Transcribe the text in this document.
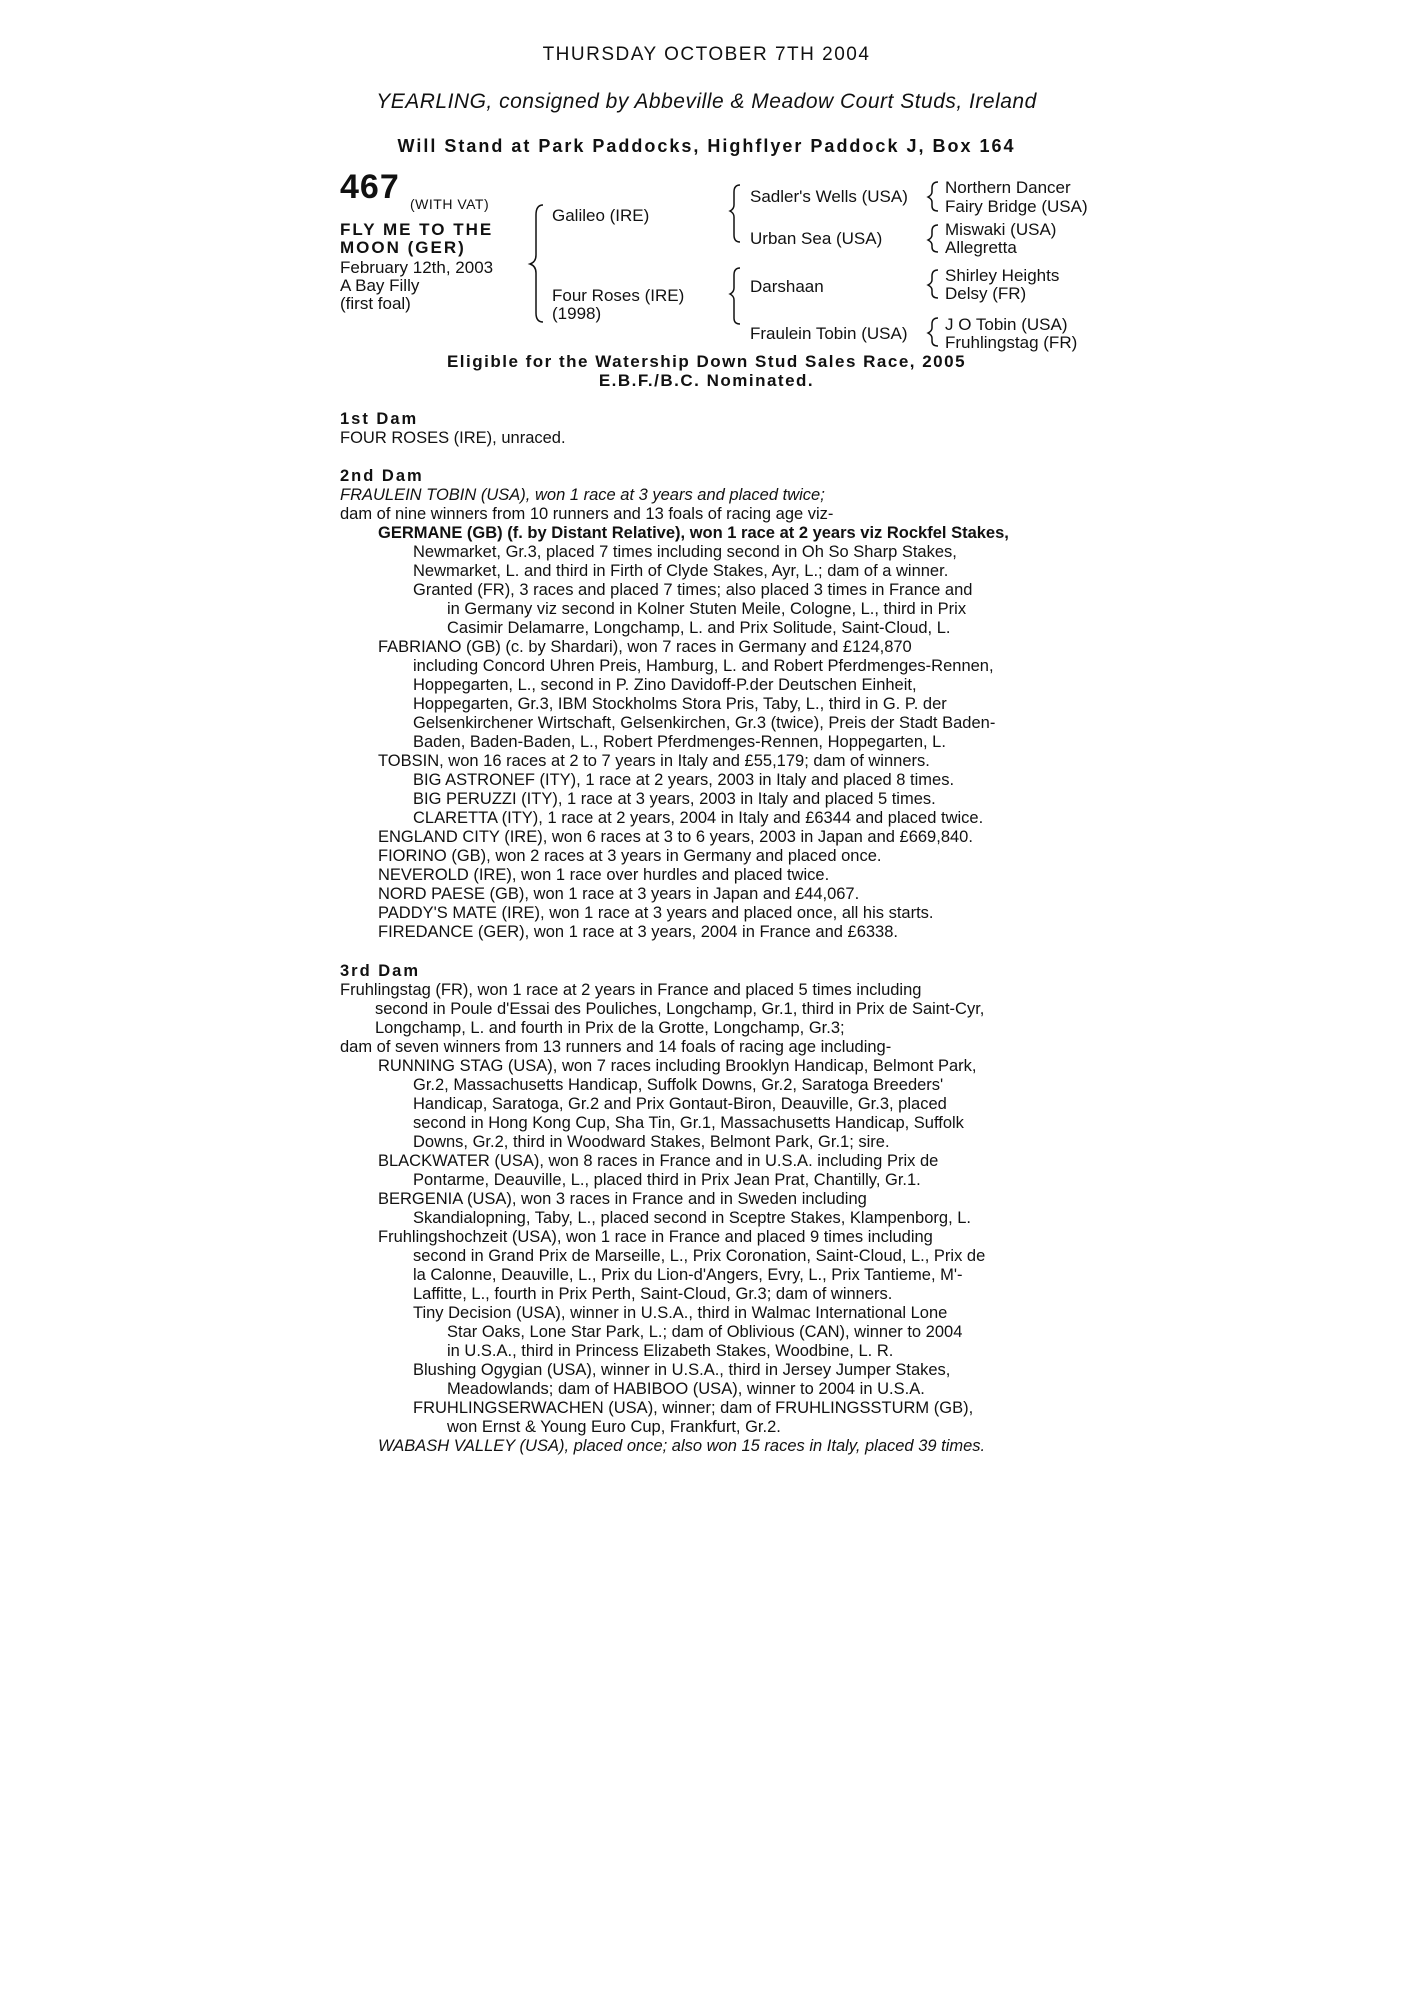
THURSDAY OCTOBER 7TH 2004
YEARLING, consigned by Abbeville & Meadow Court Studs, Ireland
Will Stand at Park Paddocks, Highflyer Paddock J, Box 164
467 (WITH VAT)
FLY ME TO THE
MOON (GER)
February 12th, 2003
A Bay Filly
(first foal)
Galileo (IRE)
Four Roses (IRE)
(1998)
Sadler's Wells (USA)
Urban Sea (USA)
Darshaan
Fraulein Tobin (USA)
Northern Dancer
Fairy Bridge (USA)
Miswaki (USA)
Allegretta
Shirley Heights
Delsy (FR)
J O Tobin (USA)
Fruhlingstag (FR)
Eligible for the Watership Down Stud Sales Race, 2005
E.B.F./B.C. Nominated.
1st Dam
FOUR ROSES (IRE), unraced.
2nd Dam
FRAULEIN TOBIN (USA), won 1 race at 3 years and placed twice;
dam of nine winners from 10 runners and 13 foals of racing age viz-
GERMANE (GB) (f. by Distant Relative), won 1 race at 2 years viz Rockfel Stakes,
Newmarket, Gr.3, placed 7 times including second in Oh So Sharp Stakes,
Newmarket, L. and third in Firth of Clyde Stakes, Ayr, L.; dam of a winner.
Granted (FR), 3 races and placed 7 times; also placed 3 times in France and
in Germany viz second in Kolner Stuten Meile, Cologne, L., third in Prix
Casimir Delamarre, Longchamp, L. and Prix Solitude, Saint-Cloud, L.
FABRIANO (GB) (c. by Shardari), won 7 races in Germany and £124,870
including Concord Uhren Preis, Hamburg, L. and Robert Pferdmenges-Rennen,
Hoppegarten, L., second in P. Zino Davidoff-P.der Deutschen Einheit,
Hoppegarten, Gr.3, IBM Stockholms Stora Pris, Taby, L., third in G. P. der
Gelsenkirchener Wirtschaft, Gelsenkirchen, Gr.3 (twice), Preis der Stadt Baden-
Baden, Baden-Baden, L., Robert Pferdmenges-Rennen, Hoppegarten, L.
TOBSIN, won 16 races at 2 to 7 years in Italy and £55,179; dam of winners.
BIG ASTRONEF (ITY), 1 race at 2 years, 2003 in Italy and placed 8 times.
BIG PERUZZI (ITY), 1 race at 3 years, 2003 in Italy and placed 5 times.
CLARETTA (ITY), 1 race at 2 years, 2004 in Italy and £6344 and placed twice.
ENGLAND CITY (IRE), won 6 races at 3 to 6 years, 2003 in Japan and £669,840.
FIORINO (GB), won 2 races at 3 years in Germany and placed once.
NEVEROLD (IRE), won 1 race over hurdles and placed twice.
NORD PAESE (GB), won 1 race at 3 years in Japan and £44,067.
PADDY'S MATE (IRE), won 1 race at 3 years and placed once, all his starts.
FIREDANCE (GER), won 1 race at 3 years, 2004 in France and £6338.
3rd Dam
Fruhlingstag (FR), won 1 race at 2 years in France and placed 5 times including
second in Poule d'Essai des Pouliches, Longchamp, Gr.1, third in Prix de Saint-Cyr,
Longchamp, L. and fourth in Prix de la Grotte, Longchamp, Gr.3;
dam of seven winners from 13 runners and 14 foals of racing age including-
RUNNING STAG (USA), won 7 races including Brooklyn Handicap, Belmont Park,
Gr.2, Massachusetts Handicap, Suffolk Downs, Gr.2, Saratoga Breeders'
Handicap, Saratoga, Gr.2 and Prix Gontaut-Biron, Deauville, Gr.3, placed
second in Hong Kong Cup, Sha Tin, Gr.1, Massachusetts Handicap, Suffolk
Downs, Gr.2, third in Woodward Stakes, Belmont Park, Gr.1; sire.
BLACKWATER (USA), won 8 races in France and in U.S.A. including Prix de
Pontarme, Deauville, L., placed third in Prix Jean Prat, Chantilly, Gr.1.
BERGENIA (USA), won 3 races in France and in Sweden including
Skandialopning, Taby, L., placed second in Sceptre Stakes, Klampenborg, L.
Fruhlingshochzeit (USA), won 1 race in France and placed 9 times including
second in Grand Prix de Marseille, L., Prix Coronation, Saint-Cloud, L., Prix de
la Calonne, Deauville, L., Prix du Lion-d'Angers, Evry, L., Prix Tantieme, M'-
Laffitte, L., fourth in Prix Perth, Saint-Cloud, Gr.3; dam of winners.
Tiny Decision (USA), winner in U.S.A., third in Walmac International Lone
Star Oaks, Lone Star Park, L.; dam of Oblivious (CAN), winner to 2004
in U.S.A., third in Princess Elizabeth Stakes, Woodbine, L. R.
Blushing Ogygian (USA), winner in U.S.A., third in Jersey Jumper Stakes,
Meadowlands; dam of HABIBOO (USA), winner to 2004 in U.S.A.
FRUHLINGSERWACHEN (USA), winner; dam of FRUHLINGSSTURM (GB),
won Ernst & Young Euro Cup, Frankfurt, Gr.2.
WABASH VALLEY (USA), placed once; also won 15 races in Italy, placed 39 times.
